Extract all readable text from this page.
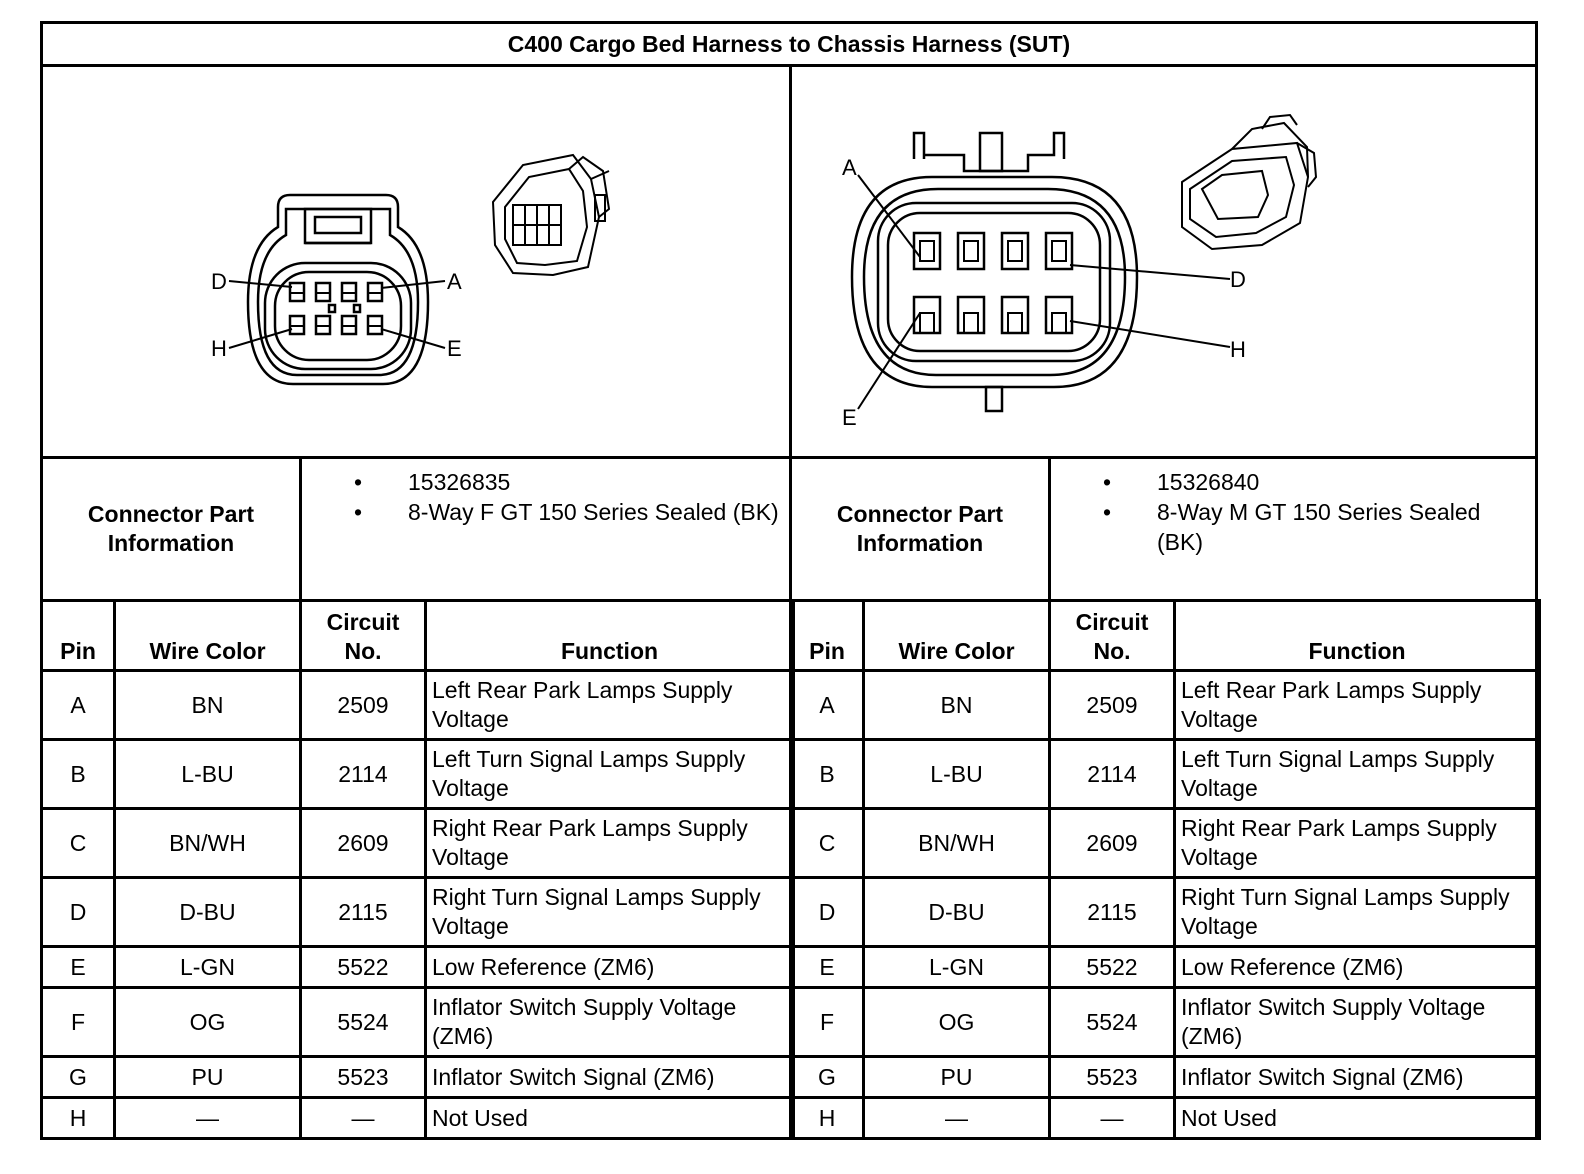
C400 Cargo Bed Harness to Chassis Harness (SUT)
D	A
H	E
A
D
H
E
Connector Part
Information
• 15326835
• 8-Way F GT 150 Series Sealed (BK)	Connector Part
Information
• 15326840
• 8-Way M GT 150 Series Sealed (BK)
Pin	Wire Color	Circuit
No.	Function
A	BN	2509	Left Rear Park Lamps Supply Voltage
B	L-BU	2114	Left Turn Signal Lamps Supply Voltage
C	BN/WH	2609	Right Rear Park Lamps Supply Voltage
D	D-BU	2115	Right Turn Signal Lamps Supply Voltage
E	L-GN	5522	Low Reference (ZM6)
F	OG	5524	Inflator Switch Supply Voltage (ZM6)
G	PU	5523	Inflator Switch Signal (ZM6)
H	—	—	Not Used
Pin	Wire Color	Circuit
No.	Function
A	BN	2509	Left Rear Park Lamps Supply Voltage
B	L-BU	2114	Left Turn Signal Lamps Supply Voltage
C	BN/WH	2609	Right Rear Park Lamps Supply Voltage
D	D-BU	2115	Right Turn Signal Lamps Supply Voltage
E	L-GN	5522	Low Reference (ZM6)
F	OG	5524	Inflator Switch Supply Voltage (ZM6)
G	PU	5523	Inflator Switch Signal (ZM6)
H	—	—	Not Used
